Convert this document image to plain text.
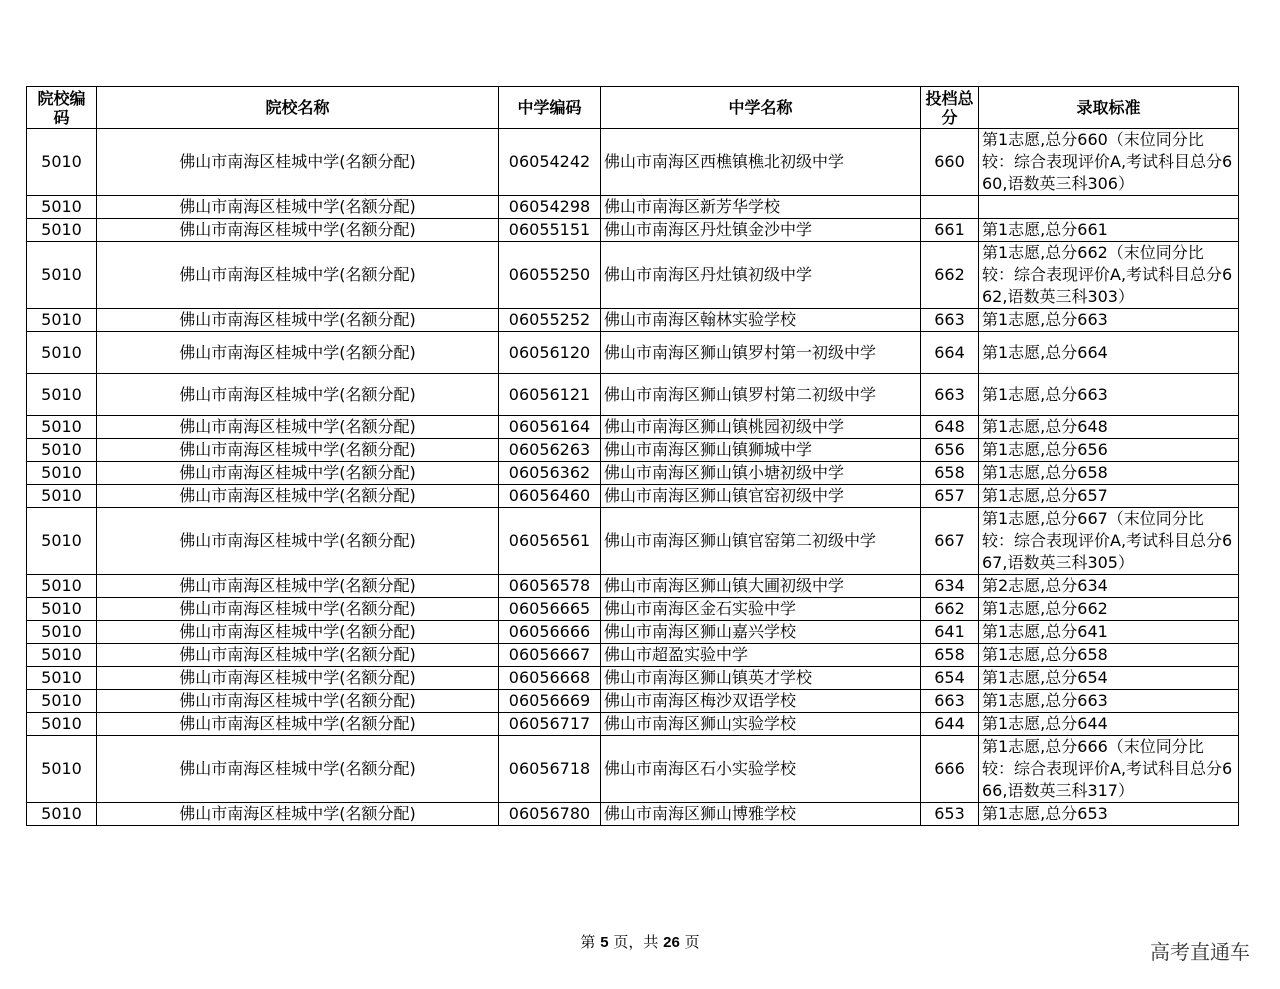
院校编码	院校名称	中学编码	中学名称	投档总分	录取标准
5010	佛山市南海区桂城中学(名额分配)	06054242	佛山市南海区西樵镇樵北初级中学	660	第1志愿,总分660（末位同分比较：综合表现评价A,考试科目总分660,语数英三科306）
5010	佛山市南海区桂城中学(名额分配)	06054298	佛山市南海区新芳华学校		
5010	佛山市南海区桂城中学(名额分配)	06055151	佛山市南海区丹灶镇金沙中学	661	第1志愿,总分661
5010	佛山市南海区桂城中学(名额分配)	06055250	佛山市南海区丹灶镇初级中学	662	第1志愿,总分662（末位同分比较：综合表现评价A,考试科目总分662,语数英三科303）
5010	佛山市南海区桂城中学(名额分配)	06055252	佛山市南海区翰林实验学校	663	第1志愿,总分663
5010	佛山市南海区桂城中学(名额分配)	06056120	佛山市南海区狮山镇罗村第一初级中学	664	第1志愿,总分664
5010	佛山市南海区桂城中学(名额分配)	06056121	佛山市南海区狮山镇罗村第二初级中学	663	第1志愿,总分663
5010	佛山市南海区桂城中学(名额分配)	06056164	佛山市南海区狮山镇桃园初级中学	648	第1志愿,总分648
5010	佛山市南海区桂城中学(名额分配)	06056263	佛山市南海区狮山镇狮城中学	656	第1志愿,总分656
5010	佛山市南海区桂城中学(名额分配)	06056362	佛山市南海区狮山镇小塘初级中学	658	第1志愿,总分658
5010	佛山市南海区桂城中学(名额分配)	06056460	佛山市南海区狮山镇官窑初级中学	657	第1志愿,总分657
5010	佛山市南海区桂城中学(名额分配)	06056561	佛山市南海区狮山镇官窑第二初级中学	667	第1志愿,总分667（末位同分比较：综合表现评价A,考试科目总分667,语数英三科305）
5010	佛山市南海区桂城中学(名额分配)	06056578	佛山市南海区狮山镇大圃初级中学	634	第2志愿,总分634
5010	佛山市南海区桂城中学(名额分配)	06056665	佛山市南海区金石实验中学	662	第1志愿,总分662
5010	佛山市南海区桂城中学(名额分配)	06056666	佛山市南海区狮山嘉兴学校	641	第1志愿,总分641
5010	佛山市南海区桂城中学(名额分配)	06056667	佛山市超盈实验中学	658	第1志愿,总分658
5010	佛山市南海区桂城中学(名额分配)	06056668	佛山市南海区狮山镇英才学校	654	第1志愿,总分654
5010	佛山市南海区桂城中学(名额分配)	06056669	佛山市南海区梅沙双语学校	663	第1志愿,总分663
5010	佛山市南海区桂城中学(名额分配)	06056717	佛山市南海区狮山实验学校	644	第1志愿,总分644
5010	佛山市南海区桂城中学(名额分配)	06056718	佛山市南海区石小实验学校	666	第1志愿,总分666（末位同分比较：综合表现评价A,考试科目总分666,语数英三科317）
5010	佛山市南海区桂城中学(名额分配)	06056780	佛山市南海区狮山博雅学校	653	第1志愿,总分653
第 5 页，共 26 页	高考直通车
